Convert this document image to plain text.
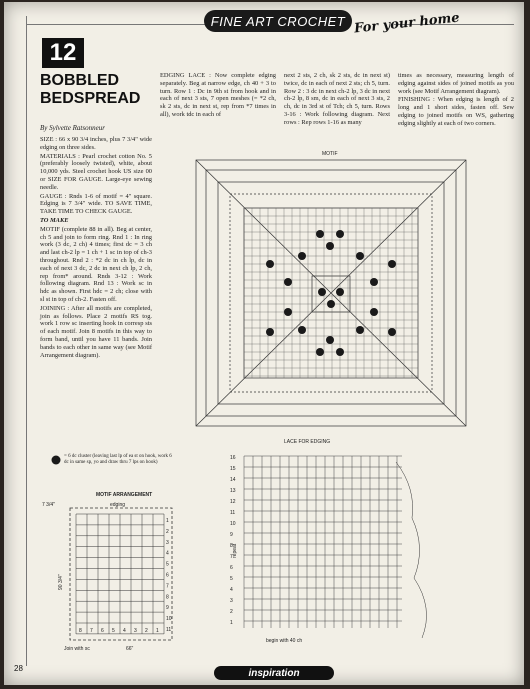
FINE ART CROCHET For your home
12
BOBBLED
BEDSPREAD
By Sylvette Ratsonneur

SIZE : 66 x 90 3/4 inches, plus 7 3/4" wide edging on three sides.

MATERIALS : Pearl crochet cotton No. 5 (preferably loosely twisted), white, about 10,000 yds. Steel crochet hook US size 00 or SIZE FOR GAUGE. Large-eye sewing needle.

GAUGE : Rnds 1-6 of motif = 4" square. Edging is 7 3/4" wide. TO SAVE TIME, TAKE TIME TO CHECK GAUGE.

TO MAKE

MOTIF (complete 88 in all). Beg at center, ch 5 and join to form ring. Rnd 1 : In ring work (3 dc, 2 ch) 4 times; first dc = 3 ch and last ch-2 lp = 1 ch + 1 sc in top of ch-3 throughout. Rnd 2 : *2 dc in ch lp, dc in each of next 3 dc, 2 dc in next ch lp, 2 ch, rep from* around. Rnds 3-12 : Work following diagram. Rnd 13 : Work sc in hdc as shown. First hdc = 2 ch; close with sl st in top of ch-2. Fasten off.

JOINING : After all motifs are completed, join as follows. Place 2 motifs RS tog. work 1 row sc inserting hook in corresp sts of each motif. Join 8 motifs in this way to form band, until you have 11 bands. Join bands to each other in same way (see Motif Arrangement diagram).

EDGING LACE : Now complete edging separately. Beg at narrow edge, ch 40 + 3 to turn. Row 1 : Dc in 9th st from hook and in each of next 3 sts, 7 open meshes (= *2 ch, sk 2 sts, dc in next st, rep from *7 times in all), work tdc in each of

next 2 sts, 2 ch, sk 2 sts, dc in next st) twice, dc in each of next 2 sts; ch 5, turn. Row 2 : 3 dc in next ch-2 lp, 3 dc in next ch-2 lp, 8 sm, dc in each of next 3 sts, 2 ch, dc in 3rd st of Tch; ch 5, turn. Rows 3-16 : Work following diagram. Next rows : Rep rows 1-16 as many

times as necessary, measuring length of edging against sides of joined motifs as you work (see Motif Arrangement diagram).

FINISHING : When edging is length of 2 long and 1 short sides, fasten off. Sew edging to joined motifs on WS, gathering edging slightly at each of two corners.

MOTIF
LACE FOR EDGING
16
15
14
13
12
11
10
9
8
7
6
5
4
3
2
1
begin with 40 ch
repeat
= 6 dc cluster (leaving last lp of ea st on hook, work 6 dc in same sp, yo and draw thru 7 lps on hook)
MOTIF ARRANGEMENT
1
2
3
4
5
6
7
8
9
10
11
8 7 6 5 4 3 2 1
edging
90 3/4"
66"
7 3/4"
Join with sc
28	inspiration
